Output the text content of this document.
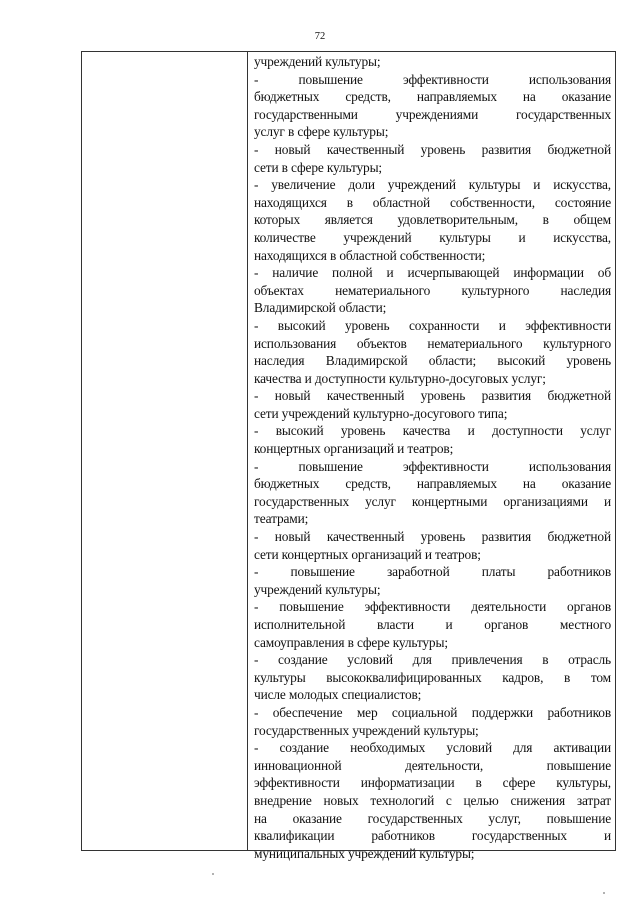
72
учреждений культуры;
- повышение эффективности использования
бюджетных средств, направляемых на оказание
государственными учреждениями государственных
услуг в сфере культуры;
- новый качественный уровень развития бюджетной
сети в сфере культуры;
- увеличение доли учреждений культуры и искусства,
находящихся в областной собственности, состояние
которых является удовлетворительным, в общем
количестве учреждений культуры и искусства,
находящихся в областной собственности;
- наличие полной и исчерпывающей информации об
объектах нематериального культурного наследия
Владимирской области;
- высокий уровень сохранности и эффективности
использования объектов нематериального культурного
наследия Владимирской области; высокий уровень
качества и доступности культурно-досуговых услуг;
- новый качественный уровень развития бюджетной
сети учреждений культурно-досугового типа;
- высокий уровень качества и доступности услуг
концертных организаций и театров;
- повышение эффективности использования
бюджетных средств, направляемых на оказание
государственных услуг концертными организациями и
театрами;
- новый качественный уровень развития бюджетной
сети концертных организаций и театров;
- повышение заработной платы работников
учреждений культуры;
- повышение эффективности деятельности органов
исполнительной власти и органов местного
самоуправления в сфере культуры;
- создание условий для привлечения в отрасль
культуры высококвалифицированных кадров, в том
числе молодых специалистов;
- обеспечение мер социальной поддержки работников
государственных учреждений культуры;
- создание необходимых условий для активации
инновационной деятельности, повышение
эффективности информатизации в сфере культуры,
внедрение новых технологий с целью снижения затрат
на оказание государственных услуг, повышение
квалификации работников государственных и
муниципальных учреждений культуры;
